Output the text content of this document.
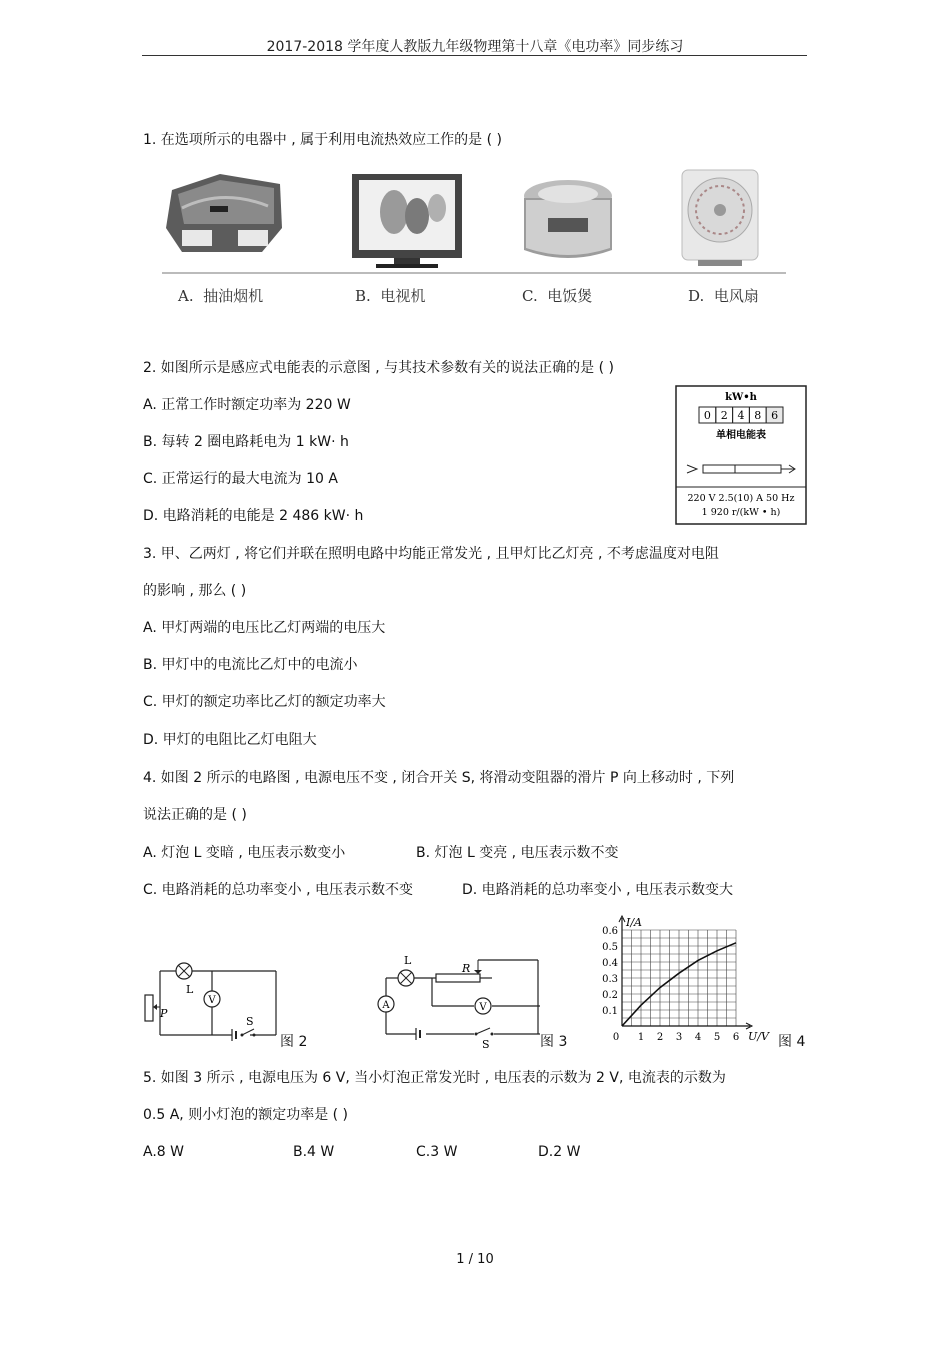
2017-2018 学年度人教版九年级物理第十八章《电功率》同步练习
1. 在选项所示的电器中 , 属于利用电流热效应工作的是 ( )
A. 抽油烟机	B. 电视机	C. 电饭煲	D. 电风扇
2. 如图所示是感应式电能表的示意图 , 与其技术参数有关的说法正确的是 ( )
A. 正常工作时额定功率为 220 W
B. 每转 2 圈电路耗电为 1 kW· h
C. 正常运行的最大电流为 10 A
D. 电路消耗的电能是 2 486 kW· h
kW•h
0 2 4 8 6
单相电能表
220 V 2.5(10) A 50 Hz
1 920 r/(kW • h)
3. 甲、乙两灯 , 将它们并联在照明电路中均能正常发光 , 且甲灯比乙灯亮 , 不考虑温度对电阻
的影响 , 那么 ( )
A. 甲灯两端的电压比乙灯两端的电压大
B. 甲灯中的电流比乙灯中的电流小
C. 甲灯的额定功率比乙灯的额定功率大
D. 甲灯的电阻比乙灯电阻大
4. 如图 2 所示的电路图 , 电源电压不变 , 闭合开关 S, 将滑动变阻器的滑片 P 向上移动时 , 下列
说法正确的是 ( )
A. 灯泡 L 变暗 , 电压表示数变小	B. 灯泡 L 变亮 , 电压表示数不变
C. 电路消耗的总功率变小 , 电压表示数不变	D. 电路消耗的总功率变小 , 电压表示数变大
L
V
P
S
图 2
L
R
A	V
S	图 3
0.1
0.2
0.3
0.4
0.5
0.6
0 1 2 3 4 5 6
I/A
U/V 图 4
5. 如图 3 所示 , 电源电压为 6 V, 当小灯泡正常发光时 , 电压表的示数为 2 V, 电流表的示数为
0.5 A, 则小灯泡的额定功率是 ( )
A.8 W	B.4 W	C.3 W	D.2 W
1 / 10
